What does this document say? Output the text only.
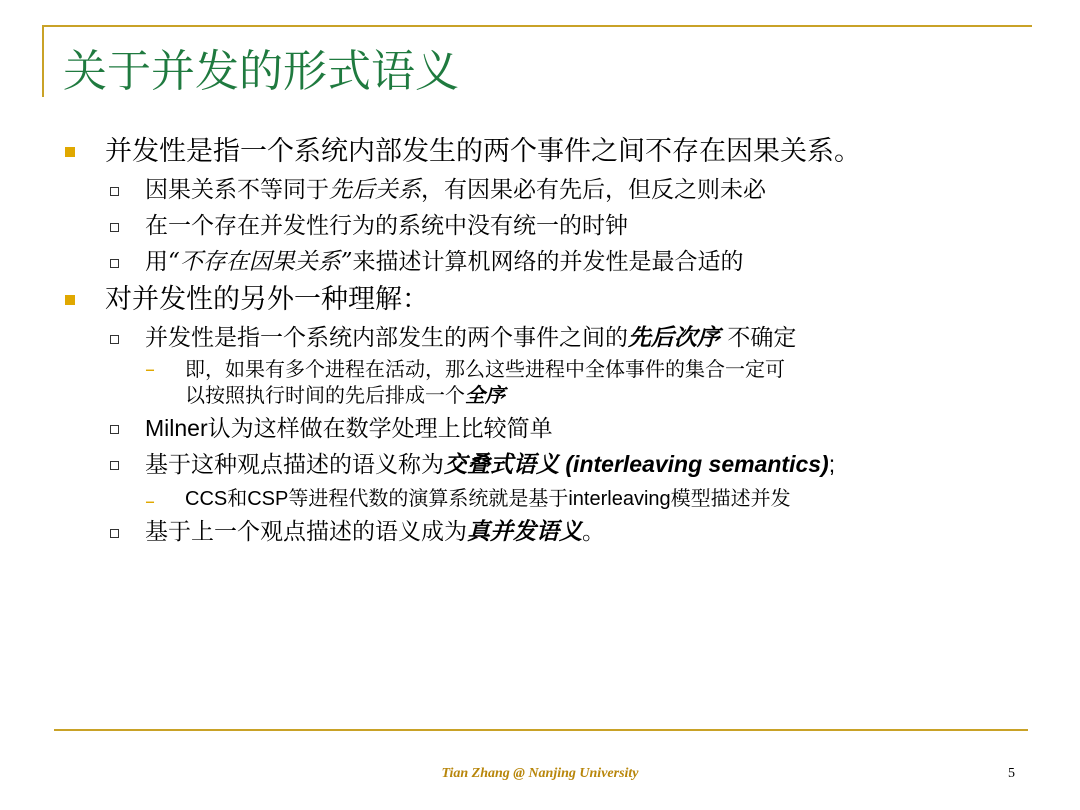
关于并发的形式语义
并发性是指一个系统内部发生的两个事件之间不存在因果关系。
因果关系不等同于先后关系，有因果必有先后，但反之则未必
在一个存在并发性行为的系统中没有统一的时钟
用“不存在因果关系”来描述计算机网络的并发性是最合适的
对并发性的另外一种理解：
并发性是指一个系统内部发生的两个事件之间的先后次序 不确定
– 即，如果有多个进程在活动，那么这些进程中全体事件的集合一定可
以按照执行时间的先后排成一个全序
Milner认为这样做在数学处理上比较简单
基于这种观点描述的语义称为交叠式语义 (interleaving semantics);
– CCS和CSP等进程代数的演算系统就是基于interleaving模型描述并发
基于上一个观点描述的语义成为真并发语义。
Tian Zhang @ Nanjing University	5
